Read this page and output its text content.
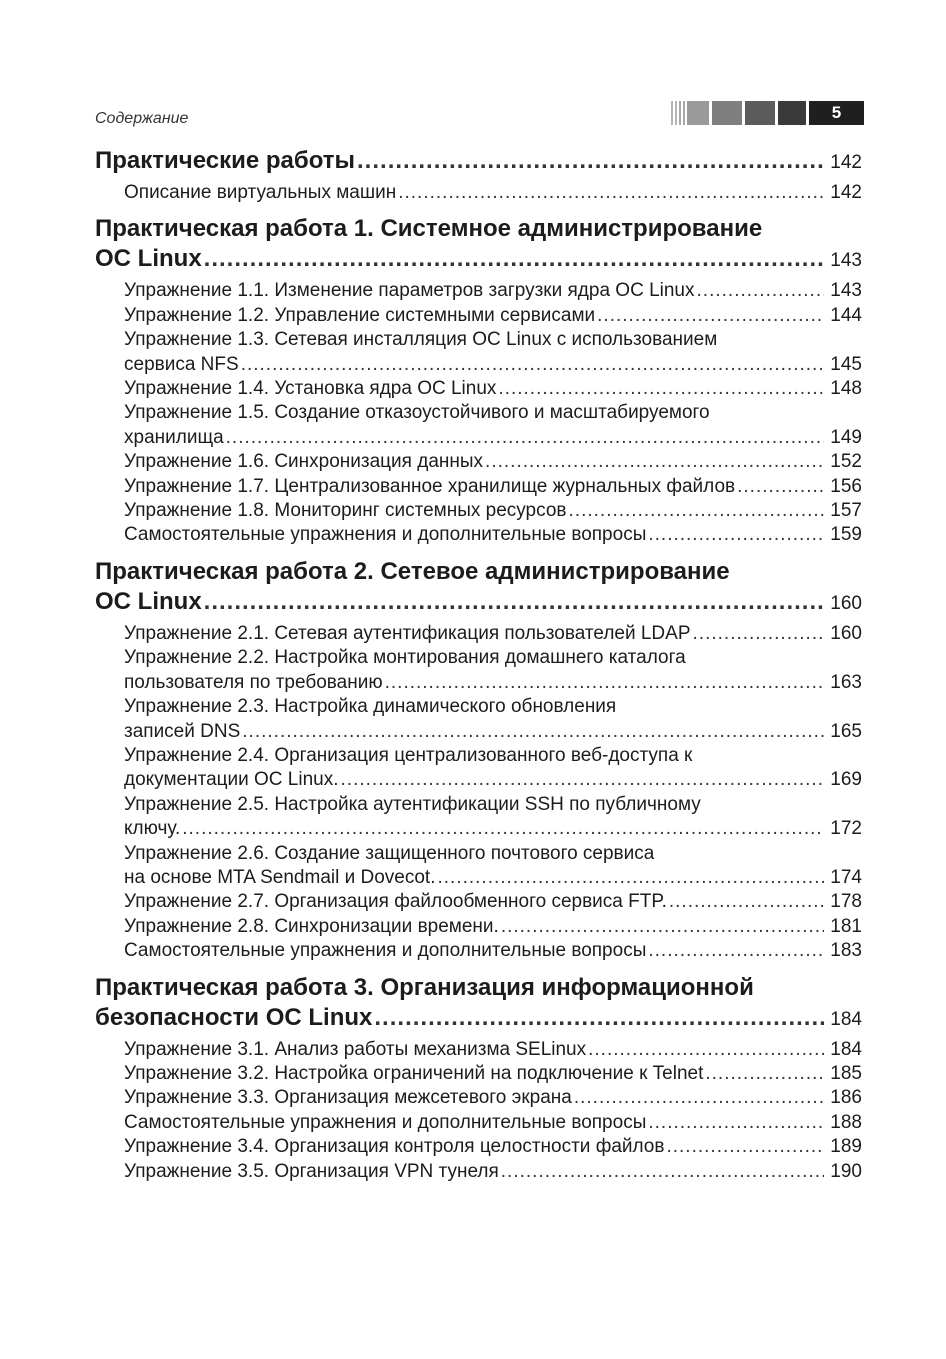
Содержание	5
Практические работы .....	142
Описание виртуальных машин .....	142
Практическая работа 1. Системное администрирование
ОС Linux .....	143
Упражнение 1.1. Изменение параметров загрузки ядра ОС Linux .....	143
Упражнение 1.2. Управление системными сервисами .....	144
Упражнение 1.3. Сетевая инсталляция ОС Linux с использованием
сервиса NFS .....	145
Упражнение 1.4. Установка ядра ОС Linux .....	148
Упражнение 1.5. Создание отказоустойчивого и масштабируемого
хранилища .....	149
Упражнение 1.6. Синхронизация данных .....	152
Упражнение 1.7. Централизованное хранилище журнальных файлов .....	156
Упражнение 1.8. Мониторинг системных ресурсов .....	157
Самостоятельные упражнения и дополнительные вопросы .....	159
Практическая работа 2. Сетевое администрирование
ОС Linux .....	160
Упражнение 2.1. Сетевая аутентификация пользователей LDAP .....	160
Упражнение 2.2. Настройка монтирования домашнего каталога
пользователя по требованию .....	163
Упражнение 2.3. Настройка динамического обновления
записей DNS .....	165
Упражнение 2.4. Организация централизованного веб-доступа к
документации ОС Linux. .....	169
Упражнение 2.5. Настройка аутентификации SSH по публичному
ключу. .....	172
Упражнение 2.6. Создание защищенного почтового сервиса
на основе MTA Sendmail и Dovecot. .....	174
Упражнение 2.7. Организация файлообменного сервиса FTP. .....	178
Упражнение 2.8. Синхронизации времени. .....	181
Самостоятельные упражнения и дополнительные вопросы .....	183
Практическая работа 3. Организация информационной
безопасности ОС Linux .....	184
Упражнение 3.1. Анализ работы механизма SELinux .....	184
Упражнение 3.2. Настройка ограничений на подключение к Telnet .....	185
Упражнение 3.3. Организация межсетевого экрана .....	186
Самостоятельные упражнения и дополнительные вопросы .....	188
Упражнение 3.4. Организация контроля целостности файлов .....	189
Упражнение 3.5. Организация VPN тунеля .....	190
